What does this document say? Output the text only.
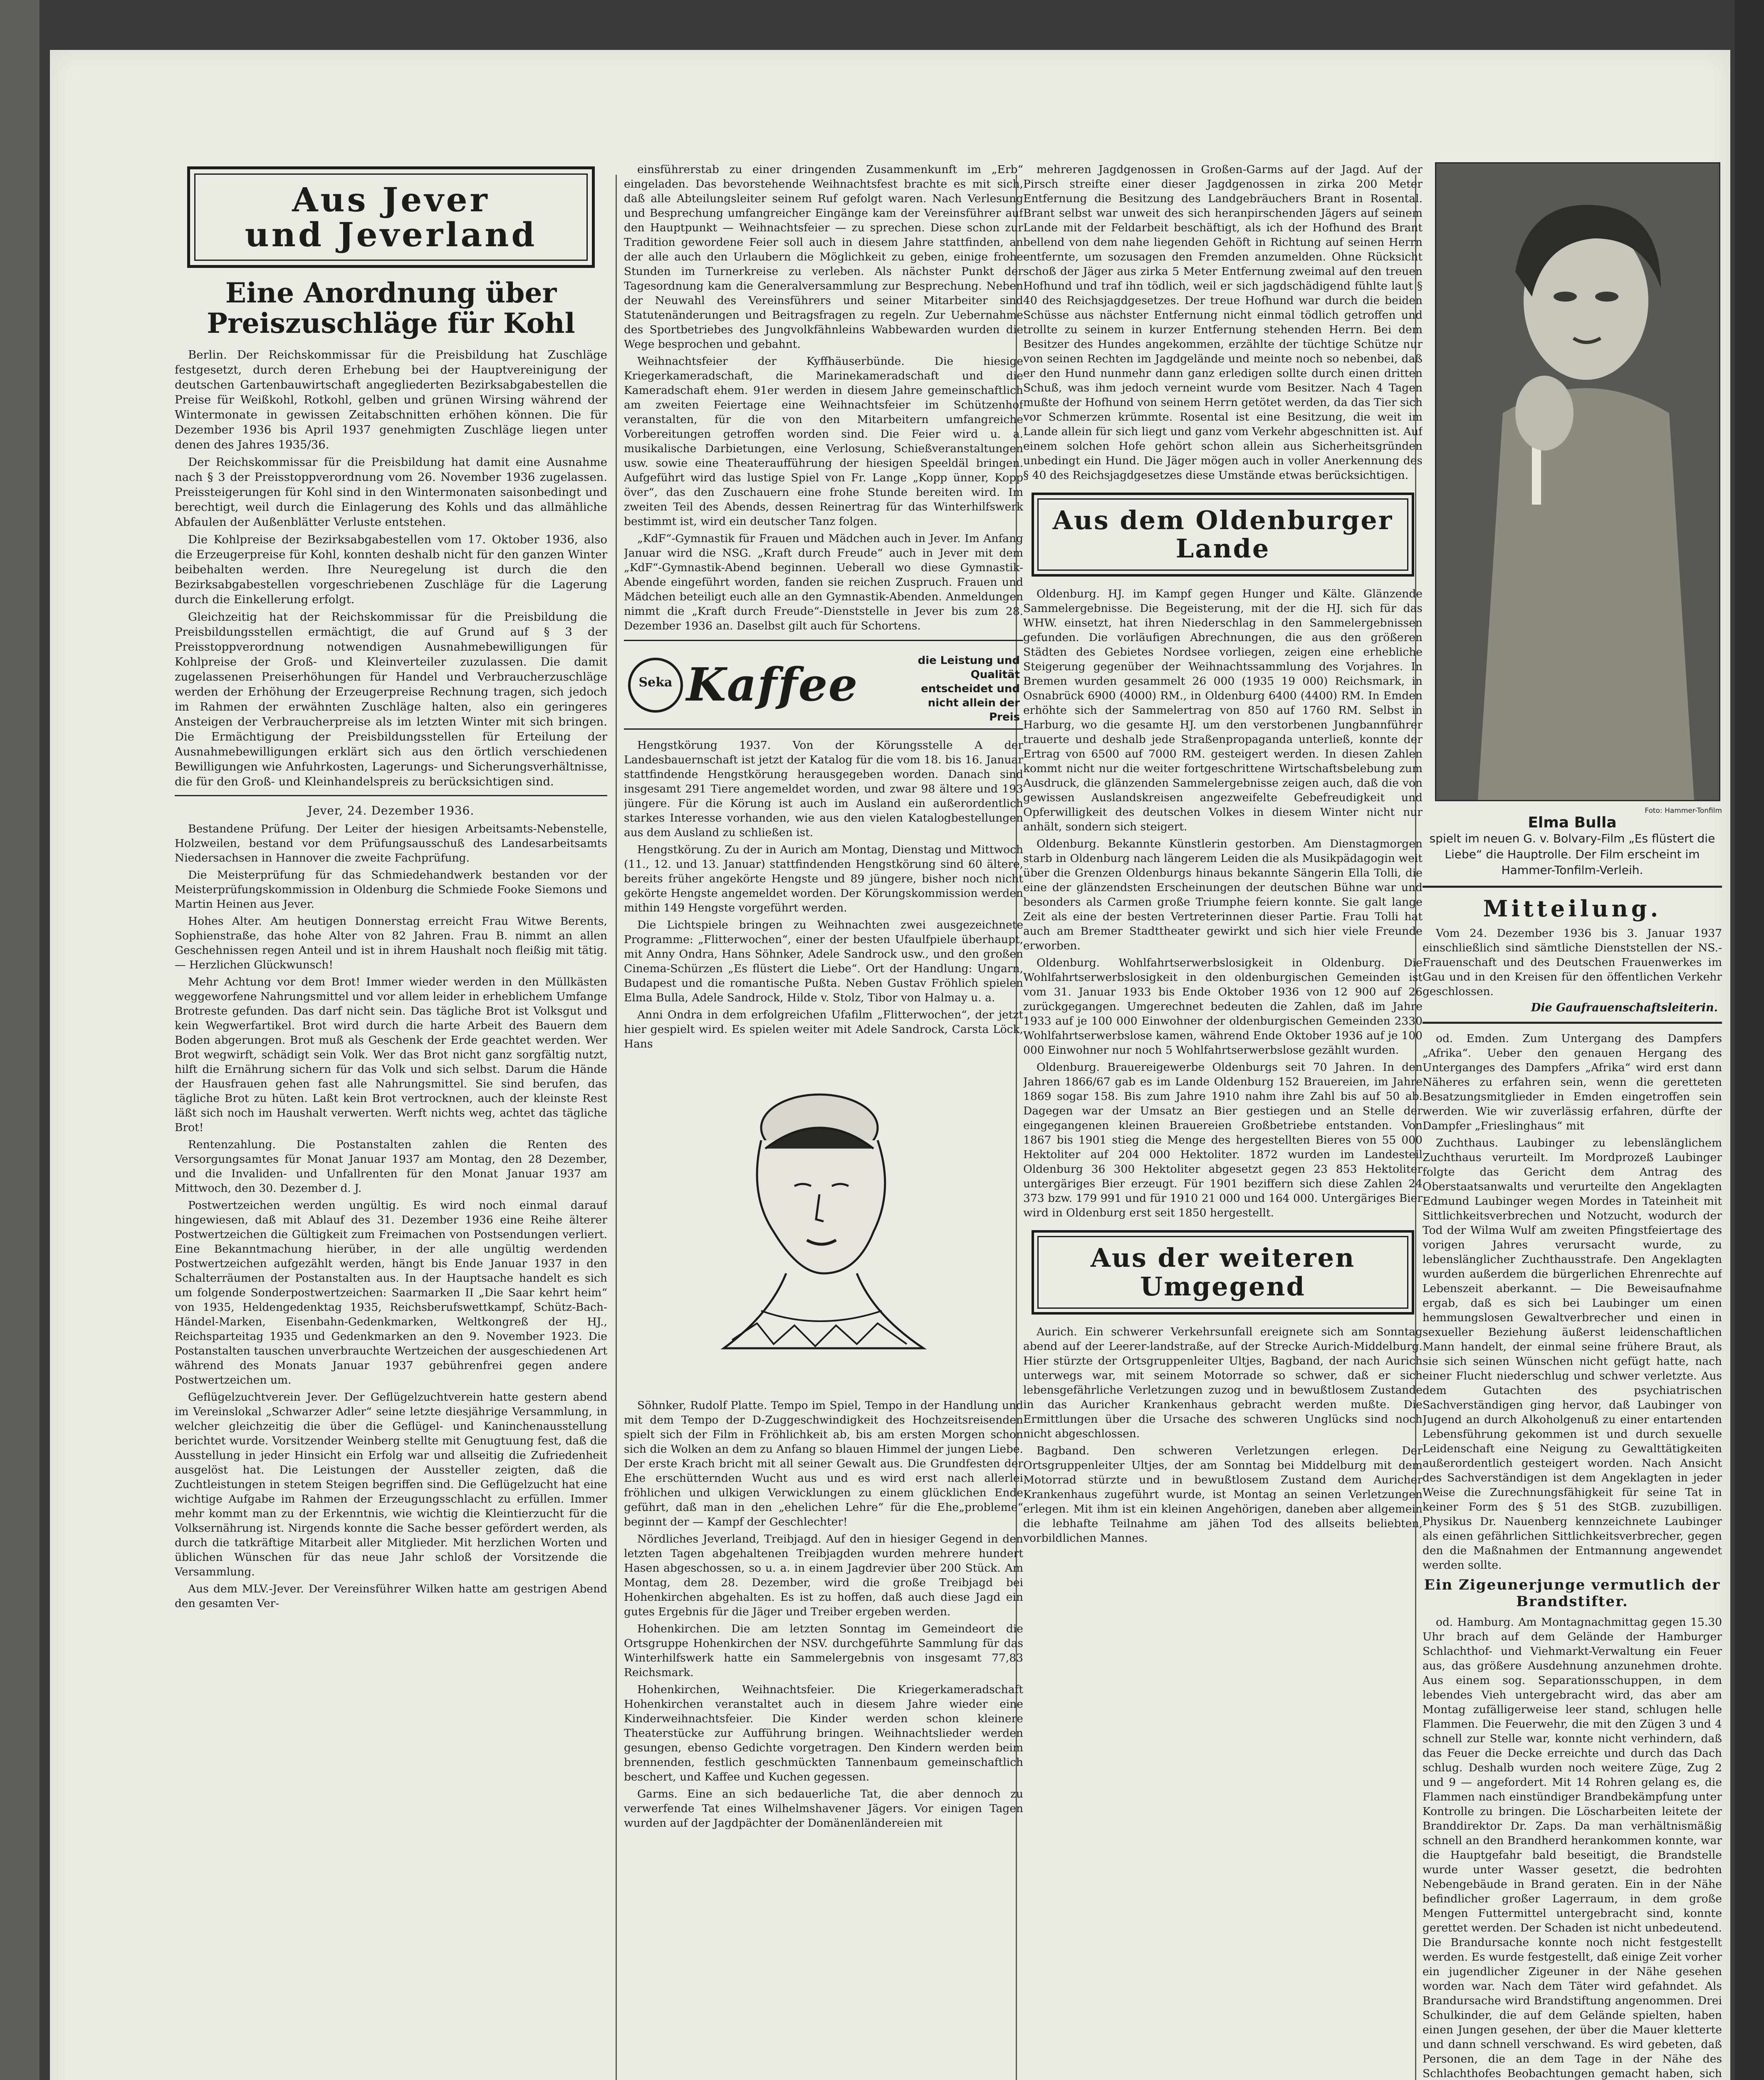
Aus Jever
und Jeverland
Eine Anordnung über Preiszuschläge für Kohl

Berlin. Der Reichskommissar für die Preisbildung hat Zuschläge festgesetzt, durch deren Erhebung bei der Hauptvereinigung der deutschen Gartenbauwirtschaft angegliederten Bezirksabgabestellen die Preise für Weißkohl, Rotkohl, gelben und grünen Wirsing während der Wintermonate in gewissen Zeitabschnitten erhöhen können. Die für Dezember 1936 bis April 1937 genehmigten Zuschläge liegen unter denen des Jahres 1935/36.

Der Reichskommissar für die Preisbildung hat damit eine Ausnahme nach § 3 der Preisstoppverordnung vom 26. November 1936 zugelassen. Preissteigerungen für Kohl sind in den Wintermonaten saisonbedingt und berechtigt, weil durch die Einlagerung des Kohls und das allmähliche Abfaulen der Außenblätter Verluste entstehen.

Die Kohlpreise der Bezirksabgabestellen vom 17. Oktober 1936, also die Erzeugerpreise für Kohl, konnten deshalb nicht für den ganzen Winter beibehalten werden. Ihre Neuregelung ist durch die den Bezirksabgabestellen vorgeschriebenen Zuschläge für die Lagerung durch die Einkellerung erfolgt.

Gleichzeitig hat der Reichskommissar für die Preisbildung die Preisbildungsstellen ermächtigt, die auf Grund auf § 3 der Preisstoppverordnung notwendigen Ausnahmebewilligungen für Kohlpreise der Groß- und Kleinverteiler zuzulassen. Die damit zugelassenen Preiserhöhungen für Handel und Verbraucherzuschläge werden der Erhöhung der Erzeugerpreise Rechnung tragen, sich jedoch im Rahmen der erwähnten Zuschläge halten, also ein geringeres Ansteigen der Verbraucherpreise als im letzten Winter mit sich bringen. Die Ermächtigung der Preisbildungsstellen für Erteilung der Ausnahmebewilligungen erklärt sich aus den örtlich verschiedenen Bewilligungen wie Anfuhrkosten, Lagerungs- und Sicherungsverhältnisse, die für den Groß- und Kleinhandelspreis zu berücksichtigen sind.

Jever, 24. Dezember 1936.

Bestandene Prüfung. Der Leiter der hiesigen Arbeitsamts-Nebenstelle, Holzweilen, bestand vor dem Prüfungsausschuß des Landesarbeitsamts Niedersachsen in Hannover die zweite Fachprüfung.

Die Meisterprüfung für das Schmiedehandwerk bestanden vor der Meisterprüfungskommission in Oldenburg die Schmiede Fooke Siemons und Martin Heinen aus Jever.

Hohes Alter. Am heutigen Donnerstag erreicht Frau Witwe Berents, Sophienstraße, das hohe Alter von 82 Jahren. Frau B. nimmt an allen Geschehnissen regen Anteil und ist in ihrem Haushalt noch fleißig mit tätig. — Herzlichen Glückwunsch!

Mehr Achtung vor dem Brot! Immer wieder werden in den Müllkästen weggeworfene Nahrungsmittel und vor allem leider in erheblichem Umfange Brotreste gefunden. Das darf nicht sein. Das tägliche Brot ist Volksgut und kein Wegwerfartikel. Brot wird durch die harte Arbeit des Bauern dem Boden abgerungen. Brot muß als Geschenk der Erde geachtet werden. Wer Brot wegwirft, schädigt sein Volk. Wer das Brot nicht ganz sorgfältig nutzt, hilft die Ernährung sichern für das Volk und sich selbst. Darum die Hände der Hausfrauen gehen fast alle Nahrungsmittel. Sie sind berufen, das tägliche Brot zu hüten. Laßt kein Brot vertrocknen, auch der kleinste Rest läßt sich noch im Haushalt verwerten. Werft nichts weg, achtet das tägliche Brot!

Rentenzahlung. Die Postanstalten zahlen die Renten des Versorgungsamtes für Monat Januar 1937 am Montag, den 28 Dezember, und die Invaliden- und Unfallrenten für den Monat Januar 1937 am Mittwoch, den 30. Dezember d. J.

Postwertzeichen werden ungültig. Es wird noch einmal darauf hingewiesen, daß mit Ablauf des 31. Dezember 1936 eine Reihe älterer Postwertzeichen die Gültigkeit zum Freimachen von Postsendungen verliert. Eine Bekanntmachung hierüber, in der alle ungültig werdenden Postwertzeichen aufgezählt werden, hängt bis Ende Januar 1937 in den Schalterräumen der Postanstalten aus. In der Hauptsache handelt es sich um folgende Sonderpostwertzeichen: Saarmarken II „Die Saar kehrt heim“ von 1935, Heldengedenktag 1935, Reichsberufswettkampf, Schütz-Bach-Händel-Marken, Eisenbahn-Gedenkmarken, Weltkongreß der HJ., Reichsparteitag 1935 und Gedenkmarken an den 9. November 1923. Die Postanstalten tauschen unverbrauchte Wertzeichen der ausgeschiedenen Art während des Monats Januar 1937 gebührenfrei gegen andere Postwertzeichen um.

Geflügelzuchtverein Jever. Der Geflügelzuchtverein hatte gestern abend im Vereinslokal „Schwarzer Adler“ seine letzte diesjährige Versammlung, in welcher gleichzeitig die über die Geflügel- und Kaninchenausstellung berichtet wurde. Vorsitzender Weinberg stellte mit Genugtuung fest, daß die Ausstellung in jeder Hinsicht ein Erfolg war und allseitig die Zufriedenheit ausgelöst hat. Die Leistungen der Aussteller zeigten, daß die Zuchtleistungen in stetem Steigen begriffen sind. Die Geflügelzucht hat eine wichtige Aufgabe im Rahmen der Erzeugungsschlacht zu erfüllen. Immer mehr kommt man zu der Erkenntnis, wie wichtig die Kleintierzucht für die Volksernährung ist. Nirgends konnte die Sache besser gefördert werden, als durch die tatkräftige Mitarbeit aller Mitglieder. Mit herzlichen Worten und üblichen Wünschen für das neue Jahr schloß der Vorsitzende die Versammlung.

Aus dem MLV.-Jever. Der Vereinsführer Wilken hatte am gestrigen Abend den gesamten Ver-

einsführerstab zu einer dringenden Zusammenkunft im „Erb“ eingeladen. Das bevorstehende Weihnachtsfest brachte es mit sich, daß alle Abteilungsleiter seinem Ruf gefolgt waren. Nach Verlesung und Besprechung umfangreicher Eingänge kam der Vereinsführer auf den Hauptpunkt — Weihnachtsfeier — zu sprechen. Diese schon zur Tradition gewordene Feier soll auch in diesem Jahre stattfinden, an der alle auch den Urlaubern die Möglichkeit zu geben, einige frohe Stunden im Turnerkreise zu verleben. Als nächster Punkt der Tagesordnung kam die Generalversammlung zur Besprechung. Neben der Neuwahl des Vereinsführers und seiner Mitarbeiter sind Statutenänderungen und Beitragsfragen zu regeln. Zur Uebernahme des Sportbetriebes des Jungvolkfähnleins Wabbewarden wurden die Wege besprochen und gebahnt.

Weihnachtsfeier der Kyffhäuserbünde. Die hiesige Kriegerkameradschaft, die Marinekameradschaft und die Kameradschaft ehem. 91er werden in diesem Jahre gemeinschaftlich am zweiten Feiertage eine Weihnachtsfeier im Schützenhof veranstalten, für die von den Mitarbeitern umfangreiche Vorbereitungen getroffen worden sind. Die Feier wird u. a. musikalische Darbietungen, eine Verlosung, Schießveranstaltungen usw. sowie eine Theateraufführung der hiesigen Speeldäl bringen. Aufgeführt wird das lustige Spiel von Fr. Lange „Kopp ünner, Kopp över“, das den Zuschauern eine frohe Stunde bereiten wird. Im zweiten Teil des Abends, dessen Reinertrag für das Winterhilfswerk bestimmt ist, wird ein deutscher Tanz folgen.

„KdF“-Gymnastik für Frauen und Mädchen auch in Jever. Im Anfang Januar wird die NSG. „Kraft durch Freude“ auch in Jever mit dem „KdF“-Gymnastik-Abend beginnen. Ueberall wo diese Gymnastik-Abende eingeführt worden, fanden sie reichen Zuspruch. Frauen und Mädchen beteiligt euch alle an den Gymnastik-Abenden. Anmeldungen nimmt die „Kraft durch Freude“-Dienststelle in Jever bis zum 28. Dezember 1936 an. Daselbst gilt auch für Schortens.

Seka Kaffee	die Leistung und Qualität entscheidet und nicht allein der Preis

Hengstkörung 1937. Von der Körungsstelle A der Landesbauernschaft ist jetzt der Katalog für die vom 18. bis 16. Januar stattfindende Hengstkörung herausgegeben worden. Danach sind insgesamt 291 Tiere angemeldet worden, und zwar 98 ältere und 193 jüngere. Für die Körung ist auch im Ausland ein außerordentlich starkes Interesse vorhanden, wie aus den vielen Katalogbestellungen aus dem Ausland zu schließen ist.

Hengstkörung. Zu der in Aurich am Montag, Dienstag und Mittwoch (11., 12. und 13. Januar) stattfindenden Hengstkörung sind 60 ältere, bereits früher angekörte Hengste und 89 jüngere, bisher noch nicht gekörte Hengste angemeldet worden. Der Körungskommission werden mithin 149 Hengste vorgeführt werden.

Die Lichtspiele bringen zu Weihnachten zwei ausgezeichnete Programme: „Flitterwochen“, einer der besten Ufaulfpiele überhaupt, mit Anny Ondra, Hans Söhnker, Adele Sandrock usw., und den großen Cinema-Schürzen „Es flüstert die Liebe“. Ort der Handlung: Ungarn, Budapest und die romantische Pußta. Neben Gustav Fröhlich spielen Elma Bulla, Adele Sandrock, Hilde v. Stolz, Tibor von Halmay u. a.

Anni Ondra in dem erfolgreichen Ufafilm „Flitterwochen“, der jetzt hier gespielt wird. Es spielen weiter mit Adele Sandrock, Carsta Löck, Hans

Söhnker, Rudolf Platte. Tempo im Spiel, Tempo in der Handlung und mit dem Tempo der D-Zuggeschwindigkeit des Hochzeitsreisenden spielt sich der Film in Fröhlichkeit ab, bis am ersten Morgen schon sich die Wolken an dem zu Anfang so blauen Himmel der jungen Liebe. Der erste Krach bricht mit all seiner Gewalt aus. Die Grundfesten der Ehe erschütternden Wucht aus und es wird erst nach allerlei fröhlichen und ulkigen Verwicklungen zu einem glücklichen Ende geführt, daß man in den „ehelichen Lehre“ für die Ehe„probleme“ beginnt der — Kampf der Geschlechter!

Nördliches Jeverland, Treibjagd. Auf den in hiesiger Gegend in den letzten Tagen abgehaltenen Treibjagden wurden mehrere hundert Hasen abgeschossen, so u. a. in einem Jagdrevier über 200 Stück. Am Montag, dem 28. Dezember, wird die große Treibjagd bei Hohenkirchen abgehalten. Es ist zu hoffen, daß auch diese Jagd ein gutes Ergebnis für die Jäger und Treiber ergeben werden.

Hohenkirchen. Die am letzten Sonntag im Gemeindeort die Ortsgruppe Hohenkirchen der NSV. durchgeführte Sammlung für das Winterhilfswerk hatte ein Sammelergebnis von insgesamt 77,83 Reichsmark.

Hohenkirchen, Weihnachtsfeier. Die Kriegerkameradschaft Hohenkirchen veranstaltet auch in diesem Jahre wieder eine Kinderweihnachtsfeier. Die Kinder werden schon kleinere Theaterstücke zur Aufführung bringen. Weihnachtslieder werden gesungen, ebenso Gedichte vorgetragen. Den Kindern werden beim brennenden, festlich geschmückten Tannenbaum gemeinschaftlich beschert, und Kaffee und Kuchen gegessen.

Garms. Eine an sich bedauerliche Tat, die aber dennoch zu verwerfende Tat eines Wilhelmshavener Jägers. Vor einigen Tagen wurden auf der Jagdpächter der Domänenländereien mit

mehreren Jagdgenossen in Großen-Garms auf der Jagd. Auf der Pirsch streifte einer dieser Jagdgenossen in zirka 200 Meter Entfernung die Besitzung des Landgebräuchers Brant in Rosental. Brant selbst war unweit des sich heranpirschenden Jägers auf seinem Lande mit der Feldarbeit beschäftigt, als ich der Hofhund des Brant bellend von dem nahe liegenden Gehöft in Richtung auf seinen Herrn entfernte, um sozusagen den Fremden anzumelden. Ohne Rücksicht schoß der Jäger aus zirka 5 Meter Entfernung zweimal auf den treuen Hofhund und traf ihn tödlich, weil er sich jagdschädigend fühlte laut § 40 des Reichsjagdgesetzes. Der treue Hofhund war durch die beiden Schüsse aus nächster Entfernung nicht einmal tödlich getroffen und trollte zu seinem in kurzer Entfernung stehenden Herrn. Bei dem Besitzer des Hundes angekommen, erzählte der tüchtige Schütze nur von seinen Rechten im Jagdgelände und meinte noch so nebenbei, daß er den Hund nunmehr dann ganz erledigen sollte durch einen dritten Schuß, was ihm jedoch verneint wurde vom Besitzer. Nach 4 Tagen mußte der Hofhund von seinem Herrn getötet werden, da das Tier sich vor Schmerzen krümmte. Rosental ist eine Besitzung, die weit im Lande allein für sich liegt und ganz vom Verkehr abgeschnitten ist. Auf einem solchen Hofe gehört schon allein aus Sicherheitsgründen unbedingt ein Hund. Die Jäger mögen auch in voller Anerkennung des § 40 des Reichsjagdgesetzes diese Umstände etwas berücksichtigen.

Aus dem Oldenburger Lande

Oldenburg. HJ. im Kampf gegen Hunger und Kälte. Glänzende Sammelergebnisse. Die Begeisterung, mit der die HJ. sich für das WHW. einsetzt, hat ihren Niederschlag in den Sammelergebnissen gefunden. Die vorläufigen Abrechnungen, die aus den größeren Städten des Gebietes Nordsee vorliegen, zeigen eine erhebliche Steigerung gegenüber der Weihnachtssammlung des Vorjahres. In Bremen wurden gesammelt 26 000 (1935 19 000) Reichsmark, in Osnabrück 6900 (4000) RM., in Oldenburg 6400 (4400) RM. In Emden erhöhte sich der Sammelertrag von 850 auf 1760 RM. Selbst in Harburg, wo die gesamte HJ. um den verstorbenen Jungbannführer trauerte und deshalb jede Straßenpropaganda unterließ, konnte der Ertrag von 6500 auf 7000 RM. gesteigert werden. In diesen Zahlen kommt nicht nur die weiter fortgeschrittene Wirtschaftsbelebung zum Ausdruck, die glänzenden Sammelergebnisse zeigen auch, daß die von gewissen Auslandskreisen angezweifelte Gebefreudigkeit und Opferwilligkeit des deutschen Volkes in diesem Winter nicht nur anhält, sondern sich steigert.

Oldenburg. Bekannte Künstlerin gestorben. Am Dienstagmorgen starb in Oldenburg nach längerem Leiden die als Musikpädagogin weit über die Grenzen Oldenburgs hinaus bekannte Sängerin Ella Tolli, die eine der glänzendsten Erscheinungen der deutschen Bühne war und besonders als Carmen große Triumphe feiern konnte. Sie galt lange Zeit als eine der besten Vertreterinnen dieser Partie. Frau Tolli hat auch am Bremer Stadttheater gewirkt und sich hier viele Freunde erworben.

Oldenburg. Wohlfahrtserwerbslosigkeit in Oldenburg. Die Wohlfahrtserwerbslosigkeit in den oldenburgischen Gemeinden ist vom 31. Januar 1933 bis Ende Oktober 1936 von 12 900 auf 26 zurückgegangen. Umgerechnet bedeuten die Zahlen, daß im Jahre 1933 auf je 100 000 Einwohner der oldenburgischen Gemeinden 2330 Wohlfahrtserwerbslose kamen, während Ende Oktober 1936 auf je 100 000 Einwohner nur noch 5 Wohlfahrtserwerbslose gezählt wurden.

Oldenburg. Brauereigewerbe Oldenburgs seit 70 Jahren. In den Jahren 1866/67 gab es im Lande Oldenburg 152 Brauereien, im Jahre 1869 sogar 158. Bis zum Jahre 1910 nahm ihre Zahl bis auf 50 ab. Dagegen war der Umsatz an Bier gestiegen und an Stelle der eingegangenen kleinen Brauereien Großbetriebe entstanden. Von 1867 bis 1901 stieg die Menge des hergestellten Bieres von 55 000 Hektoliter auf 204 000 Hektoliter. 1872 wurden im Landesteil Oldenburg 36 300 Hektoliter abgesetzt gegen 23 853 Hektoliter untergäriges Bier erzeugt. Für 1901 beziffern sich diese Zahlen 24 373 bzw. 179 991 und für 1910 21 000 und 164 000. Untergäriges Bier wird in Oldenburg erst seit 1850 hergestellt.

Aus der weiteren Umgegend

Aurich. Ein schwerer Verkehrsunfall ereignete sich am Sonntag abend auf der Leerer-landstraße, auf der Strecke Aurich-Middelburg. Hier stürzte der Ortsgruppenleiter Ultjes, Bagband, der nach Aurich unterwegs war, mit seinem Motorrade so schwer, daß er sich lebensgefährliche Verletzungen zuzog und in bewußtlosem Zustande in das Auricher Krankenhaus gebracht werden mußte. Die Ermittlungen über die Ursache des schweren Unglücks sind noch nicht abgeschlossen.

Bagband. Den schweren Verletzungen erlegen. Der Ortsgruppenleiter Ultjes, der am Sonntag bei Middelburg mit dem Motorrad stürzte und in bewußtlosem Zustand dem Auricher Krankenhaus zugeführt wurde, ist Montag an seinen Verletzungen erlegen. Mit ihm ist ein kleinen Angehörigen, daneben aber allgemein die lebhafte Teilnahme am jähen Tod des allseits beliebten, vorbildlichen Mannes.

Foto: Hammer-Tonfilm
Elma Bulla
spielt im neuen G. v. Bolvary-Film „Es flüstert die Liebe“ die Hauptrolle. Der Film erscheint im Hammer-Tonfilm-Verleih.
Mitteilung.

Vom 24. Dezember 1936 bis 3. Januar 1937 einschließlich sind sämtliche Dienststellen der NS.-Frauenschaft und des Deutschen Frauenwerkes im Gau und in den Kreisen für den öffentlichen Verkehr geschlossen.

Die Gaufrauenschaftsleiterin.

od. Emden. Zum Untergang des Dampfers „Afrika“. Ueber den genauen Hergang des Unterganges des Dampfers „Afrika“ wird erst dann Näheres zu erfahren sein, wenn die geretteten Besatzungsmitglieder in Emden eingetroffen sein werden. Wie wir zuverlässig erfahren, dürfte der Dampfer „Frieslinghaus“ mit

Zuchthaus. Laubinger zu lebenslänglichem Zuchthaus verurteilt. Im Mordprozeß Laubinger folgte das Gericht dem Antrag des Oberstaatsanwalts und verurteilte den Angeklagten Edmund Laubinger wegen Mordes in Tateinheit mit Sittlichkeitsverbrechen und Notzucht, wodurch der Tod der Wilma Wulf am zweiten Pfingstfeiertage des vorigen Jahres verursacht wurde, zu lebenslänglicher Zuchthausstrafe. Den Angeklagten wurden außerdem die bürgerlichen Ehrenrechte auf Lebenszeit aberkannt. — Die Beweisaufnahme ergab, daß es sich bei Laubinger um einen hemmungslosen Gewaltverbrecher und einen in sexueller Beziehung äußerst leidenschaftlichen Mann handelt, der einmal seine frühere Braut, als sie sich seinen Wünschen nicht gefügt hatte, nach einer Flucht niederschlug und schwer verletzte. Aus dem Gutachten des psychiatrischen Sachverständigen ging hervor, daß Laubinger von Jugend an durch Alkoholgenuß zu einer entartenden Lebensführung gekommen ist und durch sexuelle Leidenschaft eine Neigung zu Gewalttätigkeiten außerordentlich gesteigert worden. Nach Ansicht des Sachverständigen ist dem Angeklagten in jeder Weise die Zurechnungsfähigkeit für seine Tat in keiner Form des § 51 des StGB. zuzubilligen. Physikus Dr. Nauenberg kennzeichnete Laubinger als einen gefährlichen Sittlichkeitsverbrecher, gegen den die Maßnahmen der Entmannung angewendet werden sollte.

Ein Zigeunerjunge vermutlich der Brandstifter.

od. Hamburg. Am Montagnachmittag gegen 15.30 Uhr brach auf dem Gelände der Hamburger Schlachthof- und Viehmarkt-Verwaltung ein Feuer aus, das größere Ausdehnung anzunehmen drohte. Aus einem sog. Separationsschuppen, in dem lebendes Vieh untergebracht wird, das aber am Montag zufälligerweise leer stand, schlugen helle Flammen. Die Feuerwehr, die mit den Zügen 3 und 4 schnell zur Stelle war, konnte nicht verhindern, daß das Feuer die Decke erreichte und durch das Dach schlug. Deshalb wurden noch weitere Züge, Zug 2 und 9 — angefordert. Mit 14 Rohren gelang es, die Flammen nach einstündiger Brandbekämpfung unter Kontrolle zu bringen. Die Löscharbeiten leitete der Branddirektor Dr. Zaps. Da man verhältnismäßig schnell an den Brandherd herankommen konnte, war die Hauptgefahr bald beseitigt, die Brandstelle wurde unter Wasser gesetzt, die bedrohten Nebengebäude in Brand geraten. Ein in der Nähe befindlicher großer Lagerraum, in dem große Mengen Futtermittel untergebracht sind, konnte gerettet werden. Der Schaden ist nicht unbedeutend. Die Brandursache konnte noch nicht festgestellt werden. Es wurde festgestellt, daß einige Zeit vorher ein jugendlicher Zigeuner in der Nähe gesehen worden war. Nach dem Täter wird gefahndet. Als Brandursache wird Brandstiftung angenommen. Drei Schulkinder, die auf dem Gelände spielten, haben einen Jungen gesehen, der über die Mauer kletterte und dann schnell verschwand. Es wird gebeten, daß Personen, die an dem Tage in der Nähe des Schlachthofes Beobachtungen gemacht haben, sich
